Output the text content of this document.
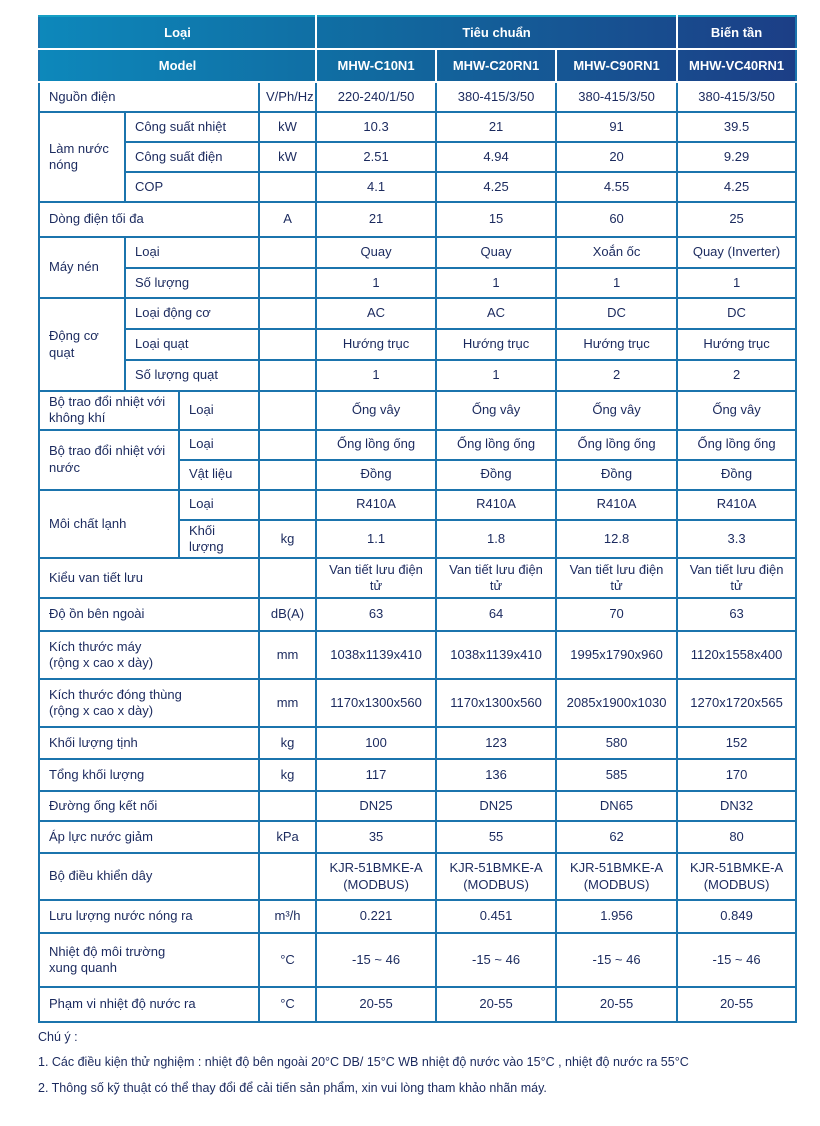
Loại				Tiêu chuẩn			Biến tần
Model				MHW-C10N1	MHW-C20RN1	MHW-C90RN1	MHW-VC40RN1
Nguồn điện			V/Ph/Hz	220-240/1/50	380-415/3/50	380-415/3/50	380-415/3/50
Làm nước nóng	Công suất nhiệt		kW	10.3	21	91	39.5
	Công suất điện		kW	2.51	4.94	20	9.29
	COP			4.1	4.25	4.55	4.25
Dòng điện tối đa			A	21	15	60	25
Máy nén	Loại			Quay	Quay	Xoắn ốc	Quay (Inverter)
	Số lượng			1	1	1	1
Động cơ quạt	Loại động cơ			AC	AC	DC	DC
	Loại quạt			Hướng trục	Hướng trục	Hướng trục	Hướng trục
	Số lượng quạt			1	1	2	2
Bộ trao đổi nhiệt với không khí		Loại		Ống vây	Ống vây	Ống vây	Ống vây
Bộ trao đổi nhiệt với nước		Loại		Ống lồng ống	Ống lồng ống	Ống lồng ống	Ống lồng ống
		Vật liệu		Đồng	Đồng	Đồng	Đồng
Môi chất lạnh		Loại		R410A	R410A	R410A	R410A
		Khối lượng	kg	1.1	1.8	12.8	3.3
Kiểu van tiết lưu				Van tiết lưu điện tử	Van tiết lưu điện tử	Van tiết lưu điện tử	Van tiết lưu điện tử
Độ ồn bên ngoài			dB(A)	63	64	70	63

Kích thước máy
(rộng x cao x dày)			mm	1038x1139x410	1038x1139x410	1995x1790x960	1120x1558x400

Kích thước đóng thùng
(rộng x cao x dày)			mm	1170x1300x560	1170x1300x560	2085x1900x1030	1270x1720x565
Khối lượng tịnh			kg	100	123	580	152
Tổng khối lượng			kg	117	136	585	170
Đường ống kết nối				DN25	DN25	DN65	DN32
Áp lực nước giảm			kPa	35	55	62	80
Bộ điều khiển dây				KJR-51BMKE-A (MODBUS)	KJR-51BMKE-A (MODBUS)	KJR-51BMKE-A (MODBUS)	KJR-51BMKE-A (MODBUS)
Lưu lượng nước nóng ra			m³/h	0.221	0.451	1.956	0.849

Nhiệt độ môi trường
xung quanh			°C	-15 ~ 46	-15 ~ 46	-15 ~ 46	-15 ~ 46
Phạm vi nhiệt độ nước ra			°C	20-55	20-55	20-55	20-55
Chú ý :
1. Các điều kiện thử nghiệm : nhiệt độ bên ngoài 20°C DB/ 15°C WB nhiệt độ nước vào 15°C , nhiệt độ nước ra 55°C
2. Thông số kỹ thuật có thể thay đổi để cải tiến sản phẩm, xin vui lòng tham khảo nhãn máy.
